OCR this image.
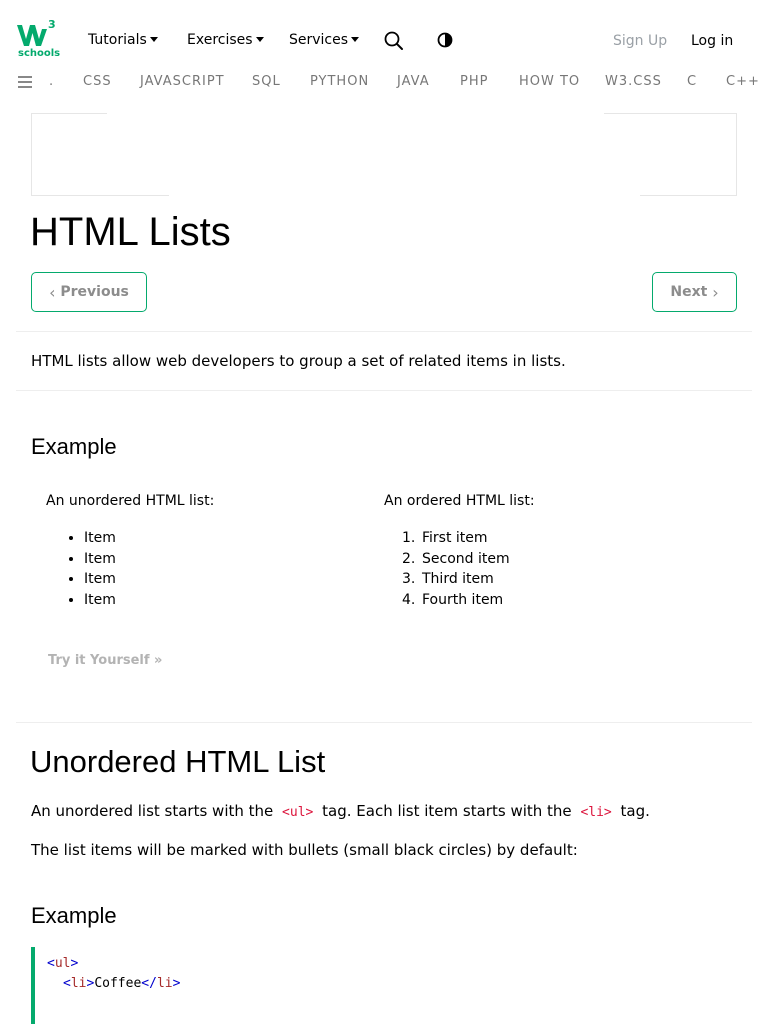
3
schools
Tutorials	Exercises	Services	Sign Up Log in
. CSS JAVASCRIPT SQL PYTHON JAVA PHP HOW TO W3.CSS C C++
HTML Lists
‹
Previous	Next
›
HTML lists allow web developers to group a set of related items in lists.
Example
An unordered HTML list:
• Item
• Item
• Item
• Item
An ordered HTML list:
1. First item
2. Second item
3. Third item
4. Fourth item
Try it Yourself »
Unordered HTML List
An unordered list starts with the <ul> tag. Each list item starts with the <li> tag.
The list items will be marked with bullets (small black circles) by default:
Example
<ul>
<li>Coffee</li>
